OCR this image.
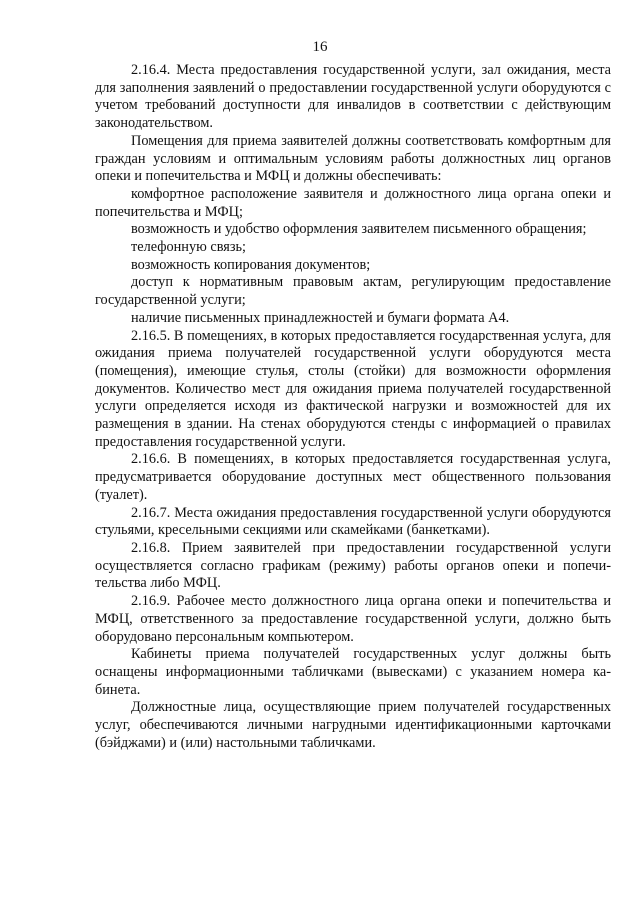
16

2.16.4. Места предоставления государственной услуги, зал ожидания, места для заполнения заявлений о предоставлении государственной услуги оборудуются с учетом требований доступности для инвалидов в соответствии с действующим законодательством.

Помещения для приема заявителей должны соответствовать комфортным для граждан условиям и оптимальным условиям работы должностных лиц органов опеки и попечительства и МФЦ и должны обеспечивать:

комфортное расположение заявителя и должностного лица органа опеки и попечительства и МФЦ;

возможность и удобство оформления заявителем письменного обращения;

телефонную связь;

возможность копирования документов;

доступ к нормативным правовым актам, регулирующим предоставление государственной услуги;

наличие письменных принадлежностей и бумаги формата А4.

2.16.5. В помещениях, в которых предоставляется государственная услуга, для ожидания приема получателей государственной услуги оборудуются места (помещения), имеющие стулья, столы (стойки) для возможности оформления документов. Количество мест для ожидания приема получателей государственной услуги определяется исходя из фактической нагрузки и возможностей для их размещения в здании. На стенах оборудуются стенды с информацией о правилах предоставления государственной услуги.

2.16.6. В помещениях, в которых предоставляется государственная услуга, предусматривается оборудование доступных мест общественного пользования (туалет).

2.16.7. Места ожидания предоставления государственной услуги оборудуются стульями, кресельными секциями или скамейками (банкетками).

2.16.8. Прием заявителей при предоставлении государственной услуги осуществляется согласно графикам (режиму) работы органов опеки и попечительства либо МФЦ.

2.16.9. Рабочее место должностного лица органа опеки и попечительства и МФЦ, ответственного за предоставление государственной услуги, должно быть оборудовано персональным компьютером.

Кабинеты приема получателей государственных услуг должны быть оснащены информационными табличками (вывесками) с указанием номера кабинета.

Должностные лица, осуществляющие прием получателей государственных услуг, обеспечиваются личными нагрудными идентификационными карточками (бэйджами) и (или) настольными табличками.
